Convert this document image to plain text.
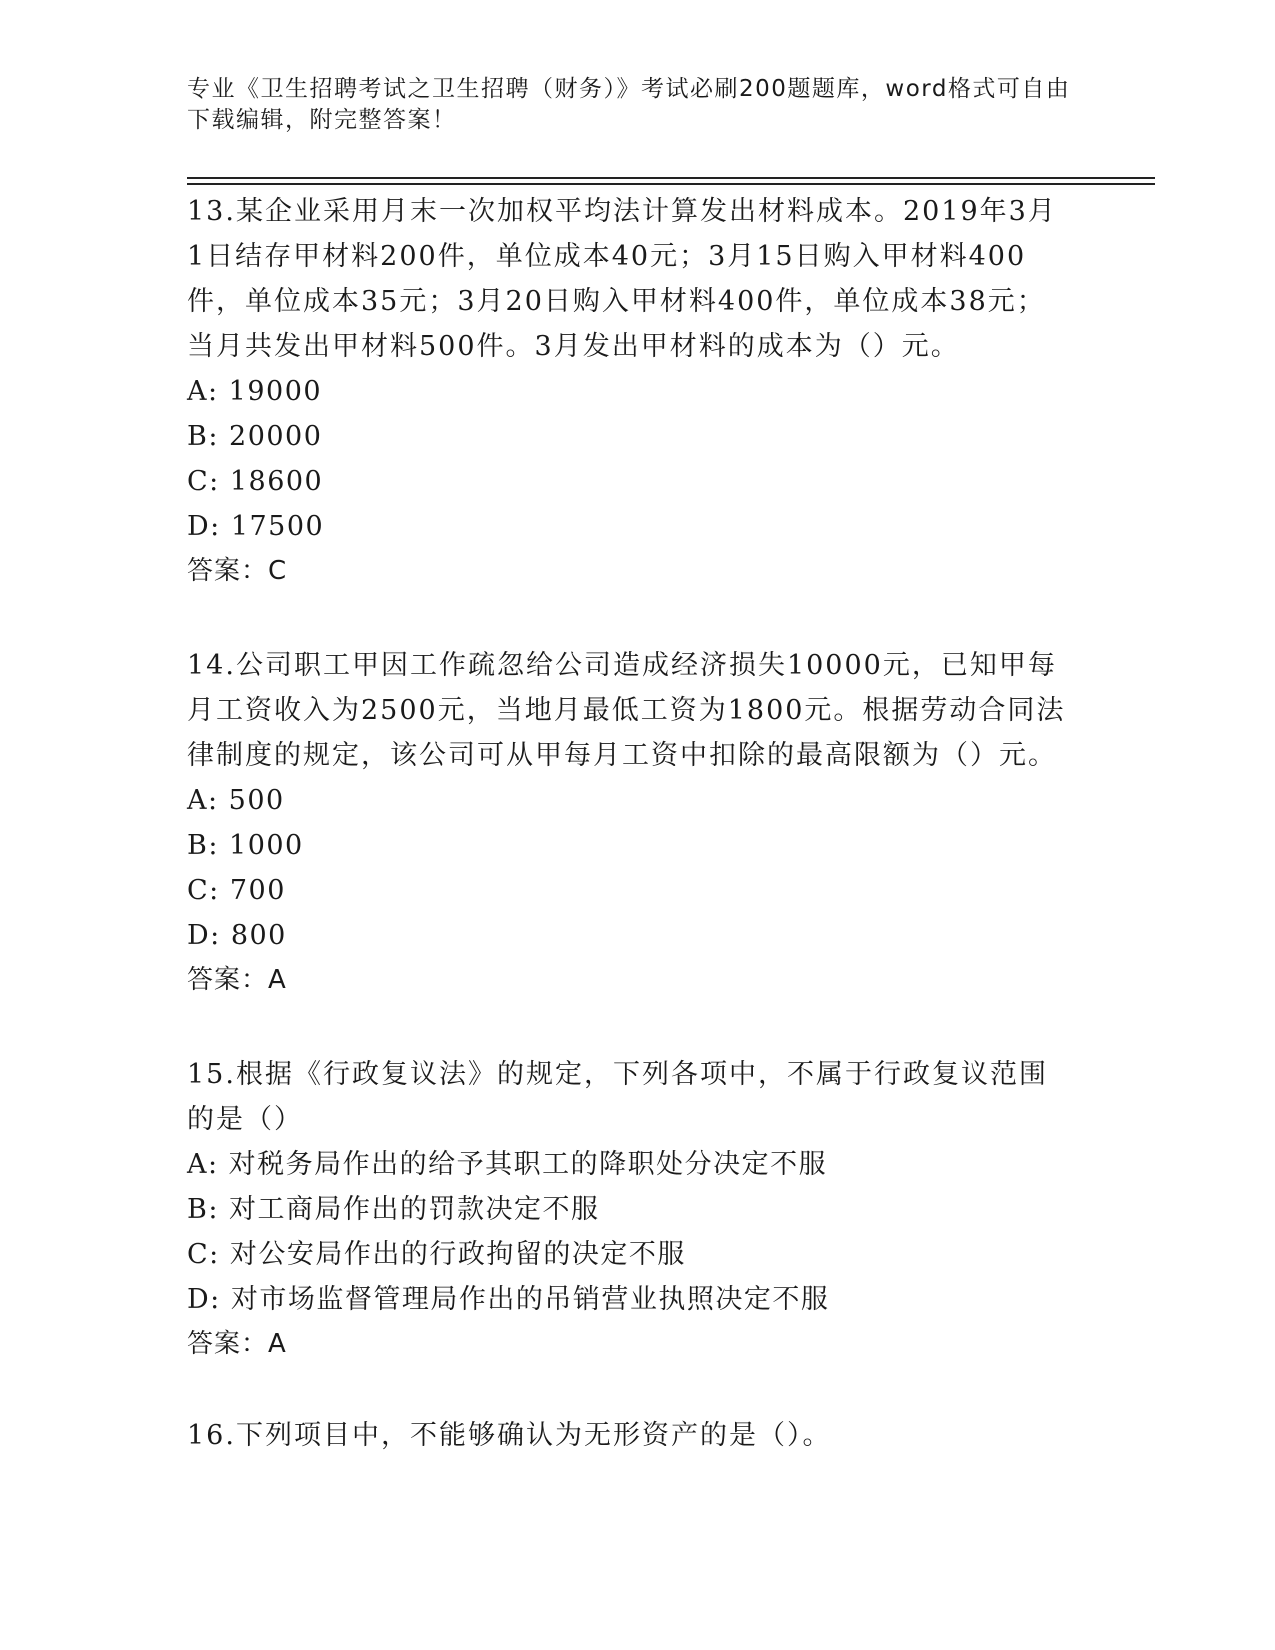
专业《卫生招聘考试之卫生招聘（财务）》考试必刷200题题库，word格式可自由下载编辑，附完整答案！

13.某企业采用月末一次加权平均法计算发出材料成本。2019年3月1日结存甲材料200件，单位成本40元；3月15日购入甲材料400件，单位成本35元；3月20日购入甲材料400件，单位成本38元；当月共发出甲材料500件。3月发出甲材料的成本为（）元。

A: 19000

B: 20000

C: 18600

D: 17500

答案：C

14.公司职工甲因工作疏忽给公司造成经济损失10000元，已知甲每月工资收入为2500元，当地月最低工资为1800元。根据劳动合同法律制度的规定，该公司可从甲每月工资中扣除的最高限额为（）元。

A: 500

B: 1000

C: 700

D: 800

答案：A

15.根据《行政复议法》的规定，下列各项中，不属于行政复议范围的是（）

A: 对税务局作出的给予其职工的降职处分决定不服

B: 对工商局作出的罚款决定不服

C: 对公安局作出的行政拘留的决定不服

D: 对市场监督管理局作出的吊销营业执照决定不服

答案：A

16.下列项目中，不能够确认为无形资产的是（）。
